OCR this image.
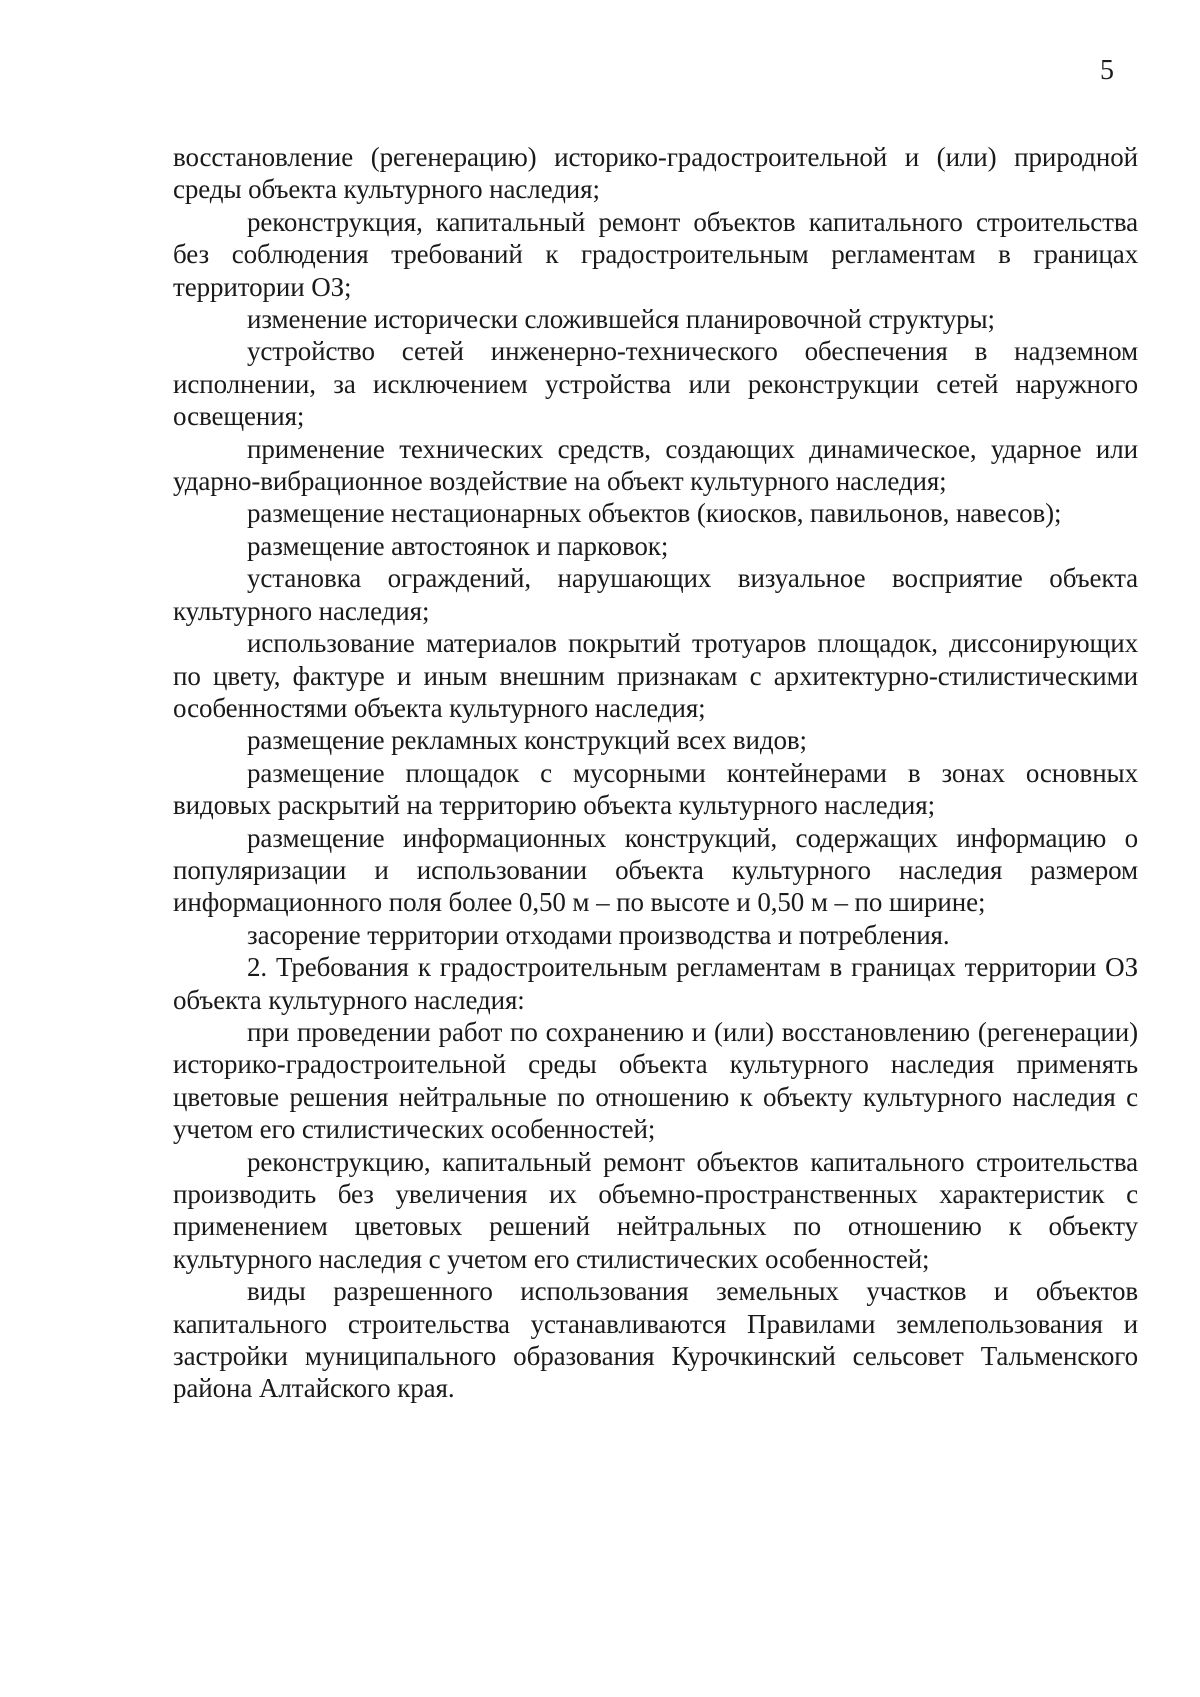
5

восстановление (регенерацию) историко-градостроительной и (или) природной среды объекта культурного наследия;

реконструкция, капитальный ремонт объектов капитального строительства без соблюдения требований к градостроительным регламентам в границах территории ОЗ;

изменение исторически сложившейся планировочной структуры;

устройство сетей инженерно-технического обеспечения в надземном исполнении, за исключением устройства или реконструкции сетей наружного освещения;

применение технических средств, создающих динамическое, ударное или ударно-вибрационное воздействие на объект культурного наследия;

размещение нестационарных объектов (киосков, павильонов, навесов);

размещение автостоянок и парковок;

установка ограждений, нарушающих визуальное восприятие объекта культурного наследия;

использование материалов покрытий тротуаров площадок, диссонирующих по цвету, фактуре и иным внешним признакам с архитектурно-стилистическими особенностями объекта культурного наследия;

размещение рекламных конструкций всех видов;

размещение площадок с мусорными контейнерами в зонах основных видовых раскрытий на территорию объекта культурного наследия;

размещение информационных конструкций, содержащих информацию о популяризации и использовании объекта культурного наследия размером информационного поля более 0,50 м – по высоте и 0,50 м – по ширине;

засорение территории отходами производства и потребления.

2. Требования к градостроительным регламентам в границах территории ОЗ объекта культурного наследия:

при проведении работ по сохранению и (или) восстановлению (регенерации) историко-градостроительной среды объекта культурного наследия применять цветовые решения нейтральные по отношению к объекту культурного наследия с учетом его стилистических особенностей;

реконструкцию, капитальный ремонт объектов капитального строительства производить без увеличения их объемно-пространственных характеристик с применением цветовых решений нейтральных по отношению к объекту культурного наследия с учетом его стилистических особенностей;

виды разрешенного использования земельных участков и объектов капитального строительства устанавливаются Правилами землепользования и застройки муниципального образования Курочкинский сельсовет Тальменского района Алтайского края.
